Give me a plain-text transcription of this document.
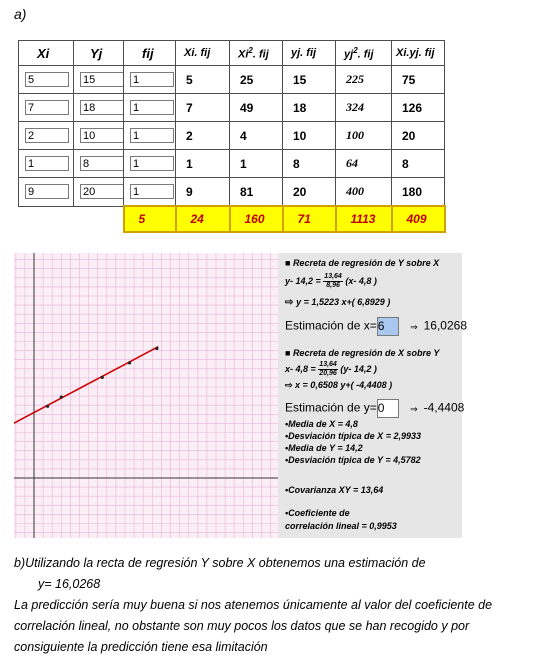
a)
Xi	Yj	fij	Xi. fij	Xi$^2$. fij	yj. fij	$yj^2$. fij	Xi.yj. fij

5	15	1	5	25	15	225	75

7	18	1	7	49	18	324	126

2	10	1	2	4	10	100	20

1	8	1	1	1	8	64	8

9	20	1	9	81	20	400	180
		5	24	160	71	1113	409
■ Recreta de regresión de Y sobre X
y- $14,2 = \frac{13,64}{8,96} (x-$ 4,8 )
⇨ y = 1,5223 x+( 6,8929 )
Estimación de x=6	⇒ 16,0268
■ Recreta de regresión de X sobre Y
x- $4,8 = \frac{13,64}{20,96} (y-$ 14,2 )
⇨ x = 0,6508 y+( -4,4408 )
Estimación de y=0	⇒ -4,4408
•Media de X = 4,8
•Desviación típica de X = 2,9933
•Media de Y = 14,2
•Desviación típica de Y = 4,5782
•Covarianza XY = 13,64
•Coeficiente de
correlación lineal = 0,9953
b)Utilizando la recta de regresión Y sobre X obtenemos una estimación de
y= 16,0268
La predicción sería muy buena si nos atenemos únicamente al valor del coeficiente de
correlación lineal, no obstante son muy pocos los datos que se han recogido y por
consiguiente la predicción tiene esa limitación
